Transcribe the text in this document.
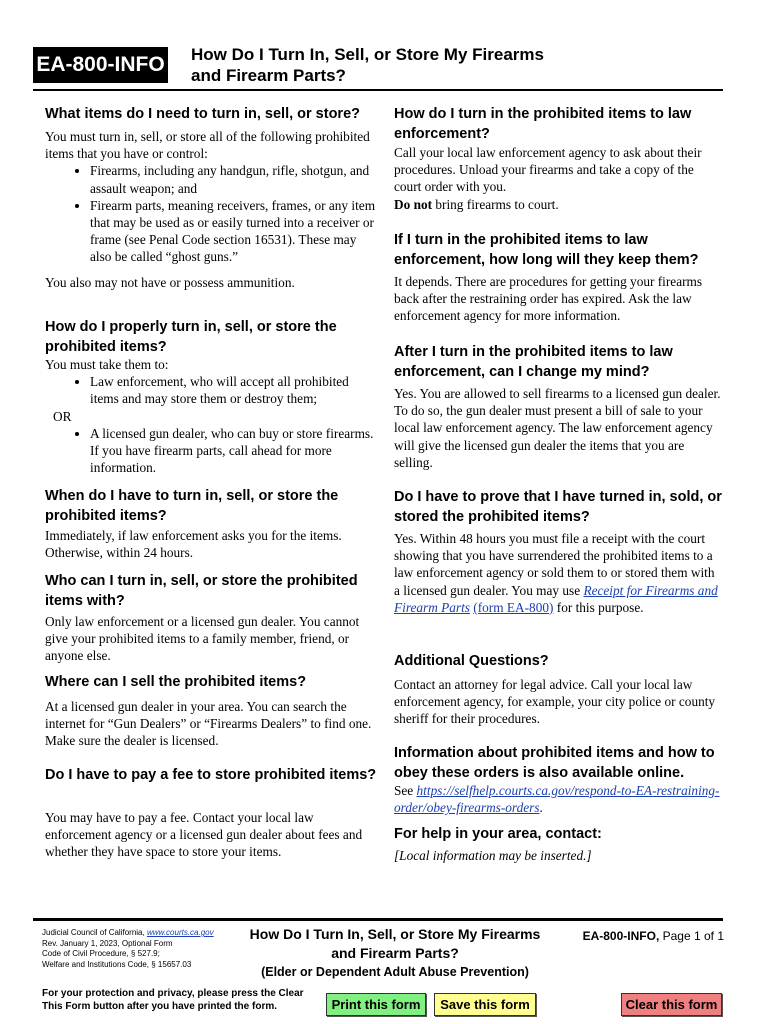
EA-800-INFO How Do I Turn In, Sell, or Store My Firearms
and Firearm Parts?
What items do I need to turn in, sell, or store?
You must turn in, sell, or store all of the following prohibited items that you have or control:
• Firearms, including any handgun, rifle, shotgun, and assault weapon; and
• Firearm parts, meaning receivers, frames, or any item that may be used as or easily turned into a receiver or frame (see Penal Code section 16531). These may also be called “ghost guns.”
You also may not have or possess ammunition.
How do I properly turn in, sell, or store the prohibited items?
You must take them to:
• Law enforcement, who will accept all prohibited items and may store them or destroy them;
OR
• A licensed gun dealer, who can buy or store firearms. If you have firearm parts, call ahead for more information.
When do I have to turn in, sell, or store the prohibited items?
Immediately, if law enforcement asks you for the items. Otherwise, within 24 hours.
Who can I turn in, sell, or store the prohibited items with?
Only law enforcement or a licensed gun dealer. You cannot give your prohibited items to a family member, friend, or anyone else.
Where can I sell the prohibited items?
At a licensed gun dealer in your area. You can search the internet for “Gun Dealers” or “Firearms Dealers” to find one. Make sure the dealer is licensed.
Do I have to pay a fee to store prohibited items?
You may have to pay a fee. Contact your local law enforcement agency or a licensed gun dealer about fees and whether they have space to store your items.
How do I turn in the prohibited items to law enforcement?
Call your local law enforcement agency to ask about their procedures. Unload your firearms and take a copy of the court order with you.
Do not bring firearms to court.
If I turn in the prohibited items to law enforcement, how long will they keep them?
It depends. There are procedures for getting your firearms back after the restraining order has expired. Ask the law enforcement agency for more information.
After I turn in the prohibited items to law enforcement, can I change my mind?
Yes. You are allowed to sell firearms to a licensed gun dealer. To do so, the gun dealer must present a bill of sale to your local law enforcement agency. The law enforcement agency will give the licensed gun dealer the items that you are selling.
Do I have to prove that I have turned in, sold, or stored the prohibited items?
Yes. Within 48 hours you must file a receipt with the court showing that you have surrendered the prohibited items to a law enforcement agency or sold them to or stored them with a licensed gun dealer. You may use Receipt for Firearms and Firearm Parts (form EA-800) for this purpose.
Additional Questions?
Contact an attorney for legal advice. Call your local law enforcement agency, for example, your city police or county sheriff for their procedures.
Information about prohibited items and how to obey these orders is also available online.
See https://selfhelp.courts.ca.gov/respond-to-EA-restraining-order/obey-firearms-orders.
For help in your area, contact:
[Local information may be inserted.]
Judicial Council of California, www.courts.ca.gov
Rev. January 1, 2023, Optional Form
Code of Civil Procedure, § 527.9;
Welfare and Institutions Code, § 15657.03
How Do I Turn In, Sell, or Store My Firearms
and Firearm Parts?
(Elder or Dependent Adult Abuse Prevention)
EA-800-INFO, Page 1 of 1
For your protection and privacy, please press the Clear This Form button after you have printed the form.	Print this form	Save this form	Clear this form
